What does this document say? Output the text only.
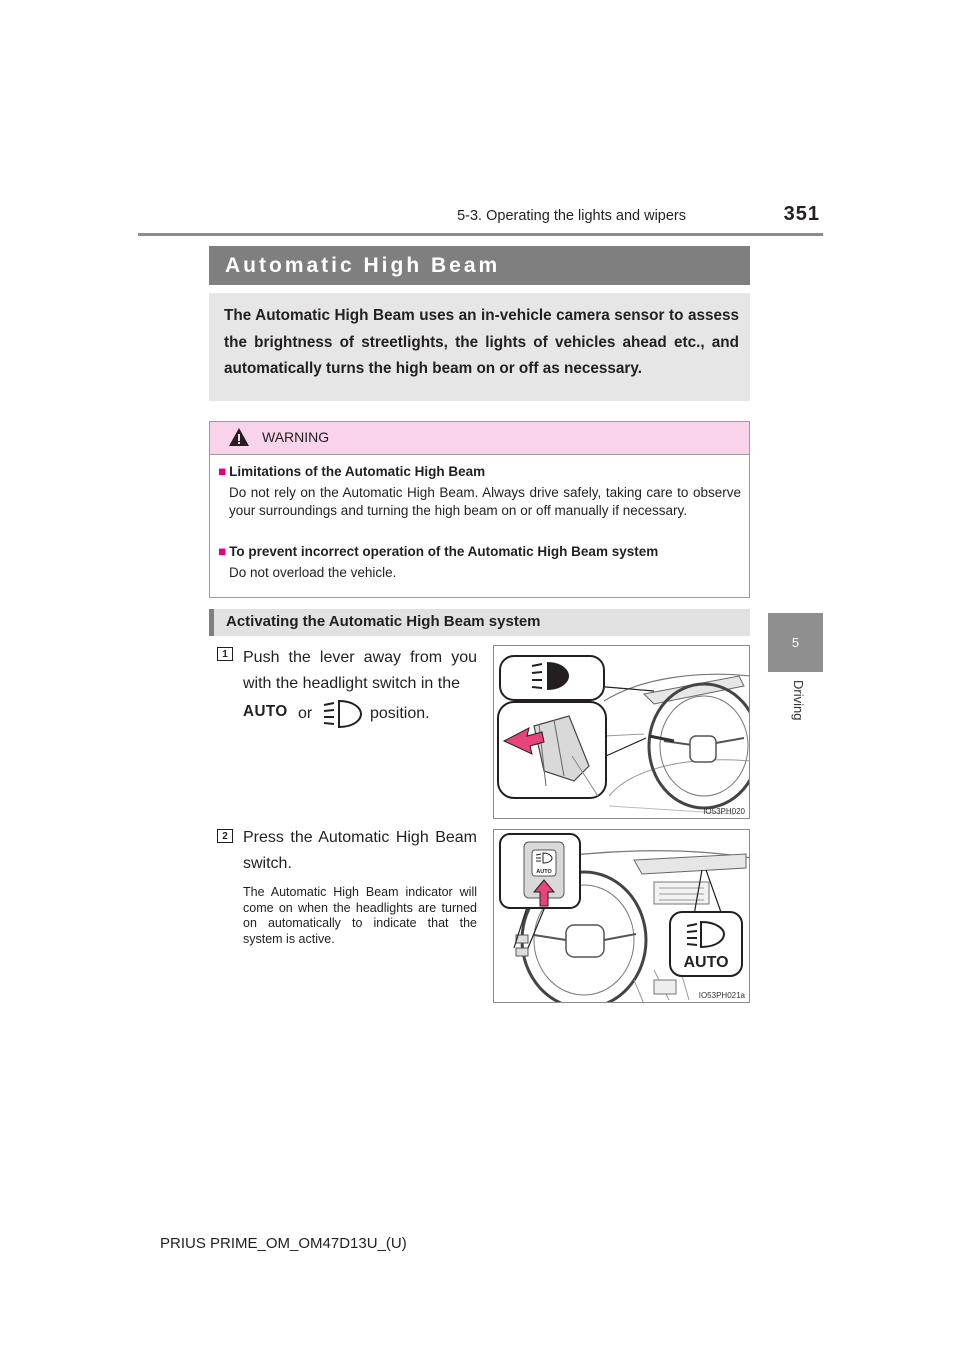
5-3. Operating the lights and wipers	351
5
Driving
Automatic High Beam
The Automatic High Beam uses an in-vehicle camera sensor to assess the brightness of streetlights, the lights of vehicles ahead etc., and automatically turns the high beam on or off as necessary.
WARNING
■ Limitations of the Automatic High Beam
Do not rely on the Automatic High Beam. Always drive safely, taking care to observe your surroundings and turning the high beam on or off manually if necessary.
■ To prevent incorrect operation of the Automatic High Beam system
Do not overload the vehicle.
Activating the Automatic High Beam system
1 Push the lever away from you with the headlight switch in the
AUTO or	position.
IO53PH020
2 Press the Automatic High Beam switch.
The Automatic High Beam indicator will come on when the headlights are turned on automatically to indicate that the system is active.
AUTO
AUTO
IO53PH021a
PRIUS PRIME_OM_OM47D13U_(U)
